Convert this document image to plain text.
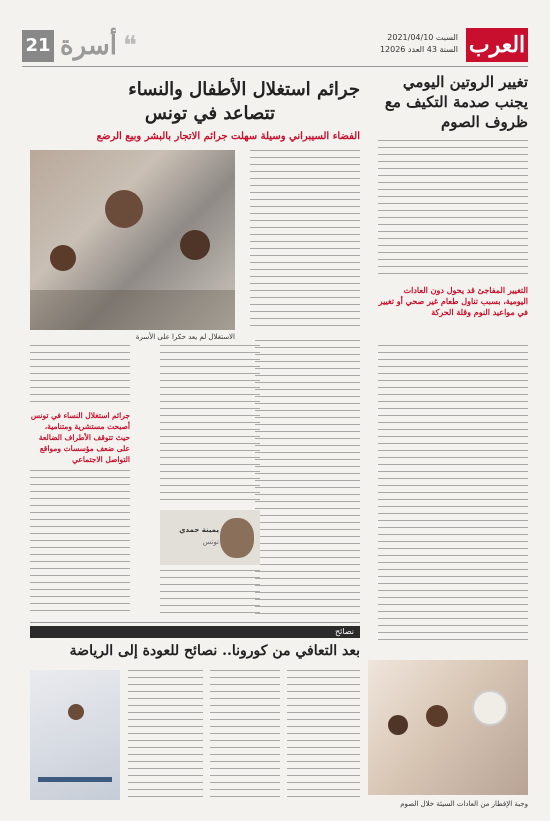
العرب
السبت 2021/04/10
السنة 43 العدد 12026
21 أسرة ❝
تغيير الروتين اليومي يجنب صدمة التكيف مع ظروف الصوم
التغيير المفاجئ قد يحول دون العادات اليومية، بسبب تناول طعام غير صحي أو تغيير في مواعيد النوم وقلة الحركة
جرائم استغلال الأطفال والنساء
تتصاعد في تونس
الفضاء السيبراني وسيلة سهلت جرائم الاتجار بالبشر وبيع الرضع
الاستغلال لم يعد حكرا على الأسرة
جرائم استغلال النساء في تونس أصبحت مستشرية ومتنامية، حيث تتوقف الأطراف الضالعة على ضعف مؤسسات ومواقع التواصل الاجتماعي
يمينة حمدي
تونس
نصائح
بعد التعافي من كورونا.. نصائح للعودة إلى الرياضة
وجبة الإفطار من العادات السيئة خلال الصوم
